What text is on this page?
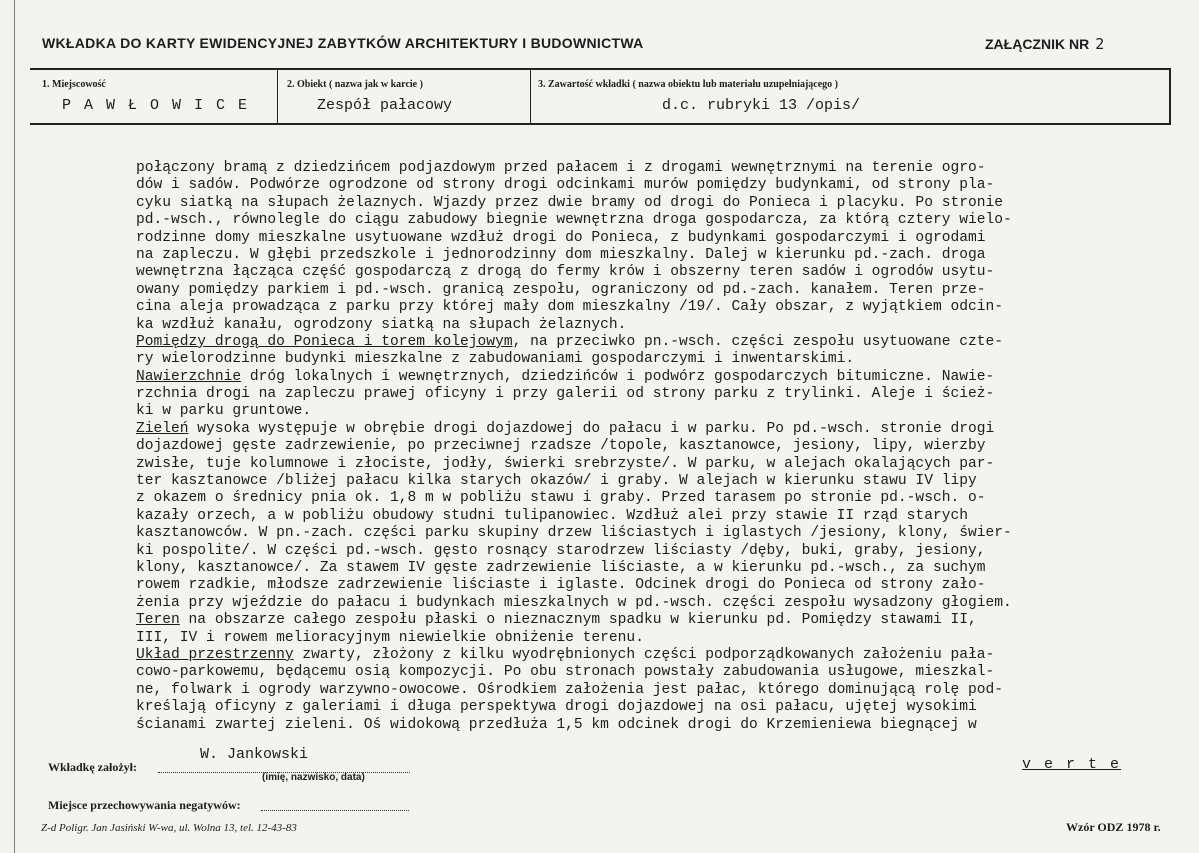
WKŁADKA DO KARTY EWIDENCYJNEJ ZABYTKÓW ARCHITEKTURY I BUDOWNICTWA	ZAŁĄCZNIK NR 2
1. Miejscowość
P A W Ł O W I C E
2. Obiekt ( nazwa jak w karcie )
Zespół pałacowy
3. Zawartość wkładki ( nazwa obiektu lub materiału uzupełniającego )
d.c. rubryki 13 /opis/
połączony bramą z dziedzińcem podjazdowym przed pałacem i z drogami wewnętrznymi na terenie ogro-
dów i sadów. Podwórze ogrodzone od strony drogi odcinkami murów pomiędzy budynkami, od strony pla-
cyku siatką na słupach żelaznych. Wjazdy przez dwie bramy od drogi do Ponieca i placyku. Po stronie
pd.-wsch., równolegle do ciągu zabudowy biegnie wewnętrzna droga gospodarcza, za którą cztery wielo-
rodzinne domy mieszkalne usytuowane wzdłuż drogi do Ponieca, z budynkami gospodarczymi i ogrodami
na zapleczu. W głębi przedszkole i jednorodzinny dom mieszkalny. Dalej w kierunku pd.-zach. droga
wewnętrzna łącząca część gospodarczą z drogą do fermy krów i obszerny teren sadów i ogrodów usytu-
owany pomiędzy parkiem i pd.-wsch. granicą zespołu, ograniczony od pd.-zach. kanałem. Teren prze-
cina aleja prowadząca z parku przy której mały dom mieszkalny /19/. Cały obszar, z wyjątkiem odcin-
ka wzdłuż kanału, ogrodzony siatką na słupach żelaznych.
Pomiędzy drogą do Ponieca i torem kolejowym, na przeciwko pn.-wsch. części zespołu usytuowane czte-
ry wielorodzinne budynki mieszkalne z zabudowaniami gospodarczymi i inwentarskimi.
Nawierzchnie dróg lokalnych i wewnętrznych, dziedzińców i podwórz gospodarczych bitumiczne. Nawie-
rzchnia drogi na zapleczu prawej oficyny i przy galerii od strony parku z trylinki. Aleje i ścież-
ki w parku gruntowe.
Zieleń wysoka występuje w obrębie drogi dojazdowej do pałacu i w parku. Po pd.-wsch. stronie drogi
dojazdowej gęste zadrzewienie, po przeciwnej rzadsze /topole, kasztanowce, jesiony, lipy, wierzby
zwisłe, tuje kolumnowe i złociste, jodły, świerki srebrzyste/. W parku, w alejach okalających par-
ter kasztanowce /bliżej pałacu kilka starych okazów/ i graby. W alejach w kierunku stawu IV lipy
z okazem o średnicy pnia ok. 1,8 m w pobliżu stawu i graby. Przed tarasem po stronie pd.-wsch. o-
kazały orzech, a w pobliżu obudowy studni tulipanowiec. Wzdłuż alei przy stawie II rząd starych
kasztanowców. W pn.-zach. części parku skupiny drzew liściastych i iglastych /jesiony, klony, świer-
ki pospolite/. W części pd.-wsch. gęsto rosnący starodrzew liściasty /dęby, buki, graby, jesiony,
klony, kasztanowce/. Za stawem IV gęste zadrzewienie liściaste, a w kierunku pd.-wsch., za suchym
rowem rzadkie, młodsze zadrzewienie liściaste i iglaste. Odcinek drogi do Ponieca od strony zało-
żenia przy wjeździe do pałacu i budynkach mieszkalnych w pd.-wsch. części zespołu wysadzony głogiem.
Teren na obszarze całego zespołu płaski o nieznacznym spadku w kierunku pd. Pomiędzy stawami II,
III, IV i rowem melioracyjnym niewielkie obniżenie terenu.
Układ przestrzenny zwarty, złożony z kilku wyodrębnionych części podporządkowanych założeniu pała-
cowo-parkowemu, będącemu osią kompozycji. Po obu stronach powstały zabudowania usługowe, mieszkal-
ne, folwark i ogrody warzywno-owocowe. Ośrodkiem założenia jest pałac, którego dominującą rolę pod-
kreślają oficyny z galeriami i długa perspektywa drogi dojazdowej na osi pałacu, ujętej wysokimi
ścianami zwartej zieleni. Oś widokową przedłuża 1,5 km odcinek drogi do Krzemieniewa biegnącej w
Wkładkę założył:
W. Jankowski
(imię, nazwisko, data)
v e r t e
Miejsce przechowywania negatywów:
Z-d Poligr. Jan Jasiński W-wa, ul. Wolna 13, tel. 12-43-83	Wzór ODZ 1978 r.
